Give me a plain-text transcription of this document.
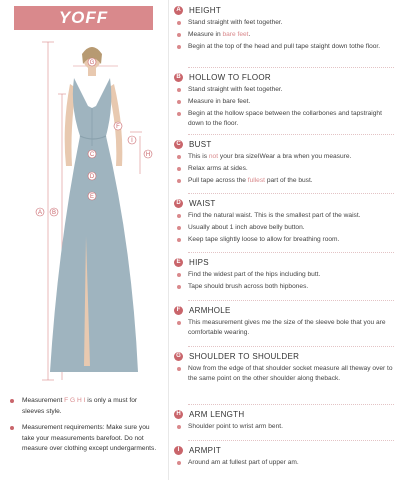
YOFF
A B
C
D
E
F
G
H
I
Measurement F G H I is only a must for sleeves style.
Measurement requirements: Make sure you take your measurements barefoot. Do not measure over clothing except undergarments.
A HEIGHT
Stand straight with feet together.
Measure in bare feet.
Begin at the top of the head and pull tape staight down tothe floor.
B HOLLOW TO FLOOR
Stand straight with feet together.
Measure in bare feet.
Begin at the hollow space between the collarbones and tapstraight down to the floor.
C BUST
This is not your bra sizeIWear a bra when you measure.
Relax arms at sides.
Pull tape across the fullest part of the bust.
D WAIST
Find the natural waist. This is the smallest part of the waist.
Usually about 1 inch above belly button.
Keep tape slightly loose to allow for breathing room.
E	HIPS
Find the widest part of the hips including butt.
Tape should brush across both hipbones.
F	ARMHOLE
This measurement gives me the size of the sleeve bole that you are comfortable wearing.
G SHOULDER TO SHOULDER
Now from the edge of that shoulder socket measure all theway over to the same point on the other shoulder along theback.
H ARM LENGTH
Shoulder point to wrist arm bent.
I	ARMPIT
Around am at fullest part of upper am.
